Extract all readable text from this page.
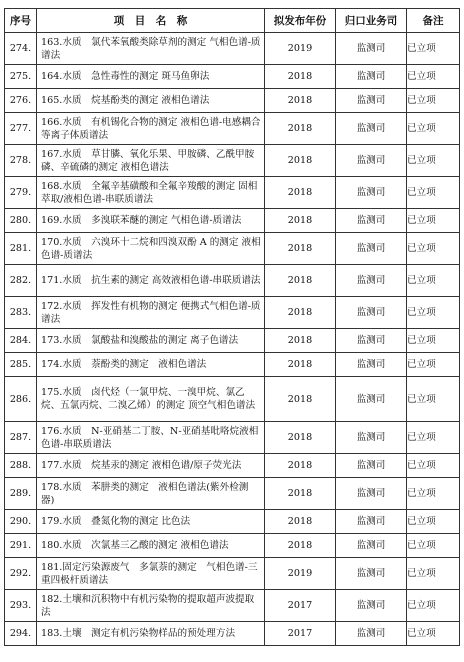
序号	项　目　名　称	拟发布年份	归口业务司	备注
274.	163.水质　氯代苯氧酸类除草剂的测定 气相色谱-质谱法	2019	监测司	已立项
275.	164.水质　急性毒性的测定 斑马鱼卵法	2018	监测司	已立项
276.	165.水质　烷基酚类的测定 液相色谱法	2018	监测司	已立项
277.	166.水质　有机锡化合物的测定 液相色谱-电感耦合等离子体质谱法	2018	监测司	已立项
278.	167.水质　草甘膦、氧化乐果、甲胺磷、乙酰甲胺磷、辛硫磷的测定 液相色谱法	2018	监测司	已立项
279.	168.水质　全氟辛基磺酸和全氟辛羧酸的测定 固相萃取/液相色谱-串联质谱法	2018	监测司	已立项
280.	169.水质　多溴联苯醚的测定 气相色谱-质谱法	2018	监测司	已立项
281.	170.水质　六溴环十二烷和四溴双酚 A 的测定 液相色谱-质谱法	2018	监测司	已立项
282.	171.水质　抗生素的测定 高效液相色谱-串联质谱法	2018	监测司	已立项
283.	172.水质　挥发性有机物的测定 便携式气相色谱-质谱法	2018	监测司	已立项
284.	173.水质　氯酸盐和溴酸盐的测定 离子色谱法	2018	监测司	已立项
285.	174.水质　萘酚类的测定　液相色谱法	2018	监测司	已立项
286.	175.水质　卤代烃（一氯甲烷、一溴甲烷、氯乙烷、五氯丙烷、二溴乙烯）的测定 顶空气相色谱法	2018	监测司	已立项
287.	176.水质　N-亚硝基二丁胺、N-亚硝基吡咯烷液相色谱-串联质谱法	2018	监测司	已立项
288.	177.水质　烷基汞的测定 液相色谱/原子荧光法	2018	监测司	已立项
289.	178.水质　苯肼类的测定　液相色谱法(紫外检测器)	2018	监测司	已立项
290.	179.水质　叠氮化物的测定 比色法	2018	监测司	已立项
291.	180.水质　次氯基三乙酸的测定 液相色谱法	2018	监测司	已立项
292.	181.固定污染源废气　多氯萘的测定　气相色谱-三重四极杆质谱法	2019	监测司	已立项
293.	182.土壤和沉积物中有机污染物的提取超声波提取法	2017	监测司	已立项
294.	183.土壤　测定有机污染物样品的预处理方法	2017	监测司	已立项
